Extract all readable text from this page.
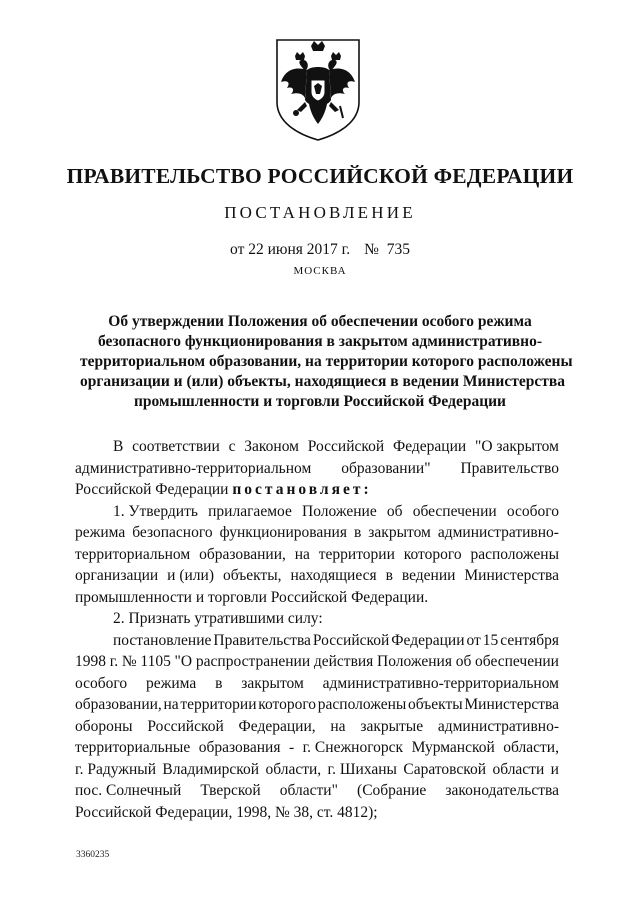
ПРАВИТЕЛЬСТВО РОССИЙСКОЙ ФЕДЕРАЦИИ
ПОСТАНОВЛЕНИЕ
от 22 июня 2017 г. № 735
МОСКВА
Об утверждении Положения об обеспечении особого режима
безопасного функционирования в закрытом административно-
территориальном образовании, на территории которого расположены
организации и (или) объекты, находящиеся в ведении Министерства
промышленности и торговли Российской Федерации
В соответствии с Законом Российской Федерации "О закрытом
административно-территориальном образовании" Правительство
Российской Федерации постановляет:
1. Утвердить прилагаемое Положение об обеспечении особого
режима безопасного функционирования в закрытом административно-
территориальном образовании, на территории которого расположены
организации и (или) объекты, находящиеся в ведении Министерства
промышленности и торговли Российской Федерации.
2. Признать утратившими силу:
постановление Правительства Российской Федерации от 15 сентября
1998 г. № 1105 "О распространении действия Положения об обеспечении
особого режима в закрытом административно-территориальном
образовании, на территории которого расположены объекты Министерства
обороны Российской Федерации, на закрытые административно-
территориальные образования - г. Снежногорск Мурманской области,
г. Радужный Владимирской области, г. Шиханы Саратовской области и
пос. Солнечный Тверской области" (Собрание законодательства
Российской Федерации, 1998, № 38, ст. 4812);
3360235
